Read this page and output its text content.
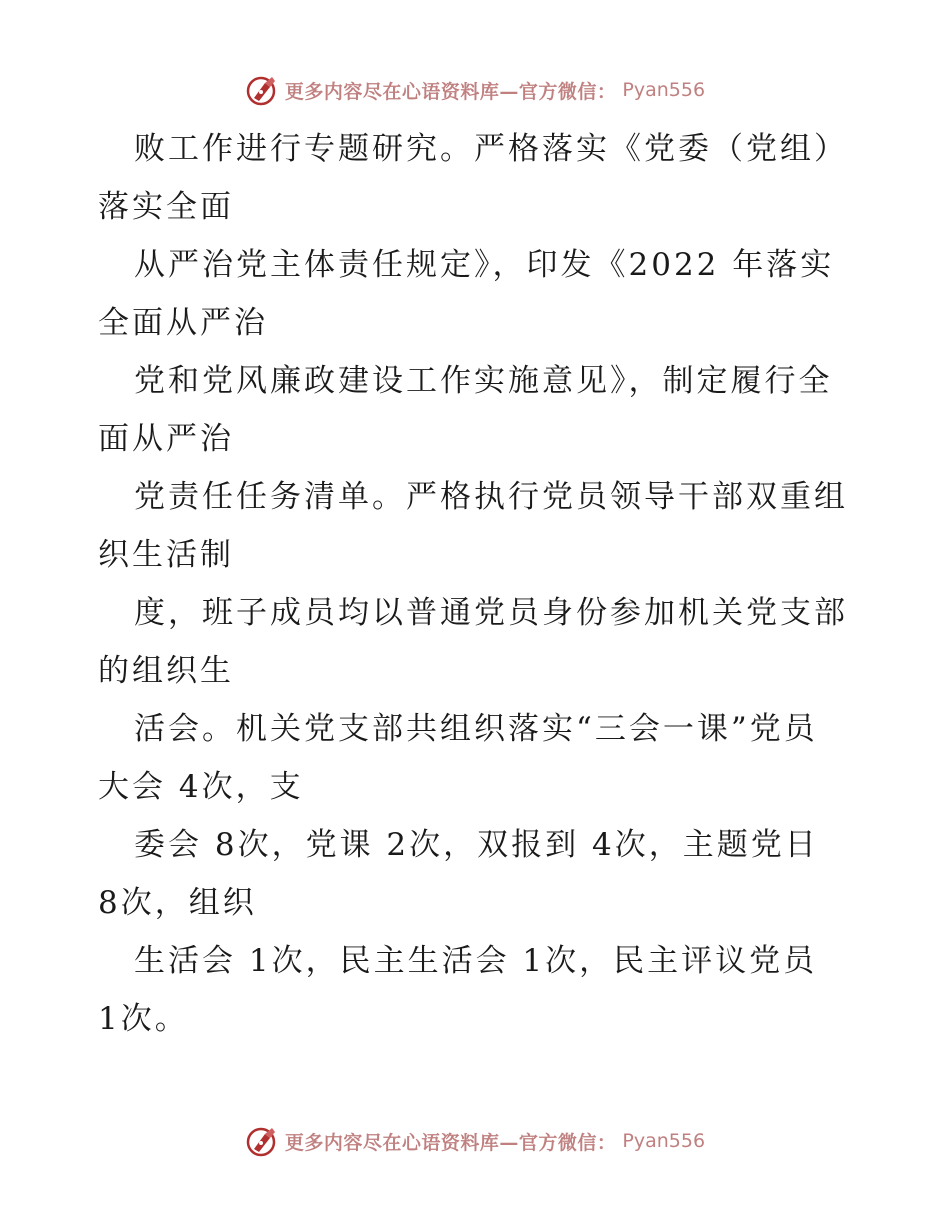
更多内容尽在心语资料库—官方微信： Pyan556

败工作进行专题研究。严格落实《党委（党组）

落实全面

从严治党主体责任规定》，印发《2022 年落实

全面从严治

党和党风廉政建设工作实施意见》，制定履行全

面从严治

党责任任务清单。严格执行党员领导干部双重组

织生活制

度，班子成员均以普通党员身份参加机关党支部

的组织生

活会。机关党支部共组织落实“三会一课”党员

大会 4次，支

委会 8次，党课 2次，双报到 4次，主题党日

8次，组织

生活会 1次，民主生活会 1次，民主评议党员

1次。

更多内容尽在心语资料库—官方微信： Pyan556
